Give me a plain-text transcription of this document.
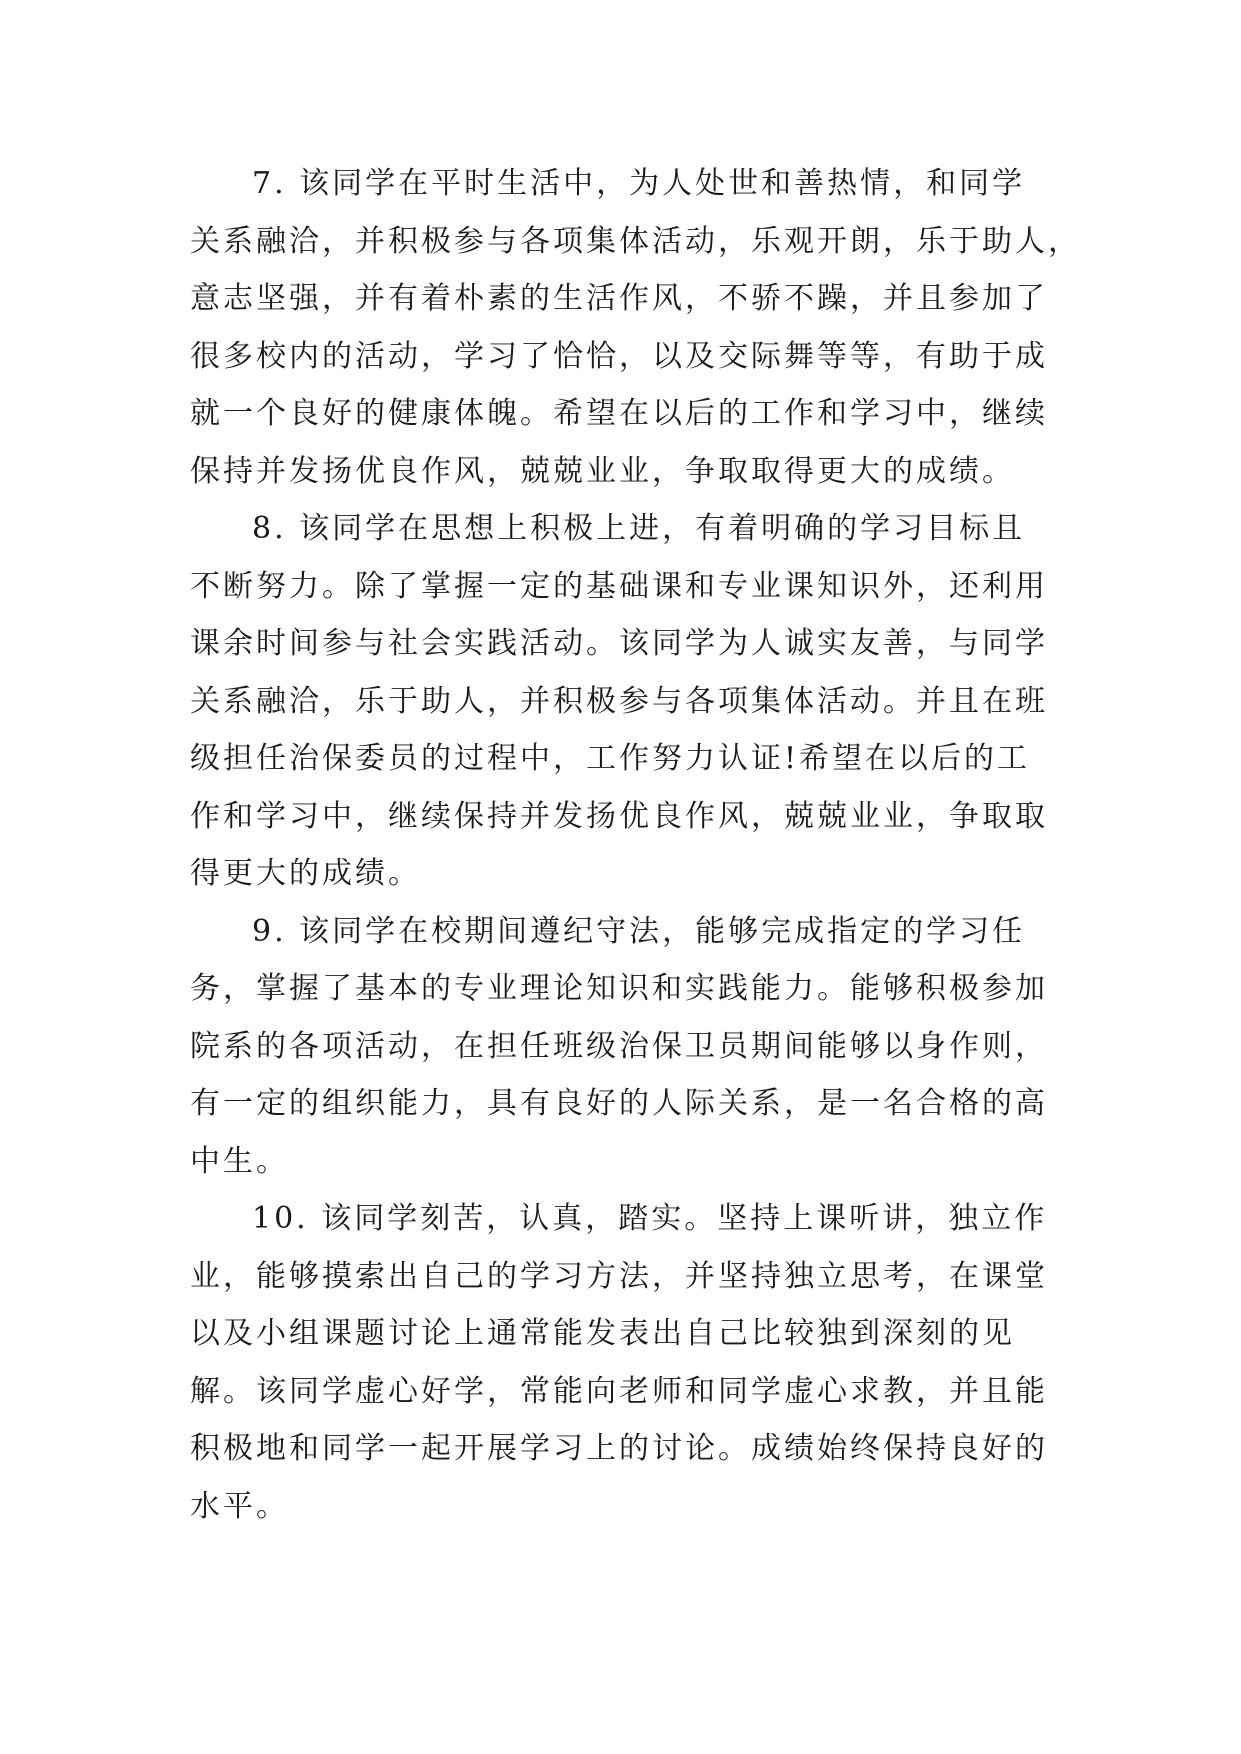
7. 该同学在平时生活中，为人处世和善热情，和同学
关系融洽，并积极参与各项集体活动，乐观开朗，乐于助人，
意志坚强，并有着朴素的生活作风，不骄不躁，并且参加了
很多校内的活动，学习了恰恰，以及交际舞等等，有助于成
就一个良好的健康体魄。希望在以后的工作和学习中，继续
保持并发扬优良作风，兢兢业业，争取取得更大的成绩。
8. 该同学在思想上积极上进，有着明确的学习目标且
不断努力。除了掌握一定的基础课和专业课知识外，还利用
课余时间参与社会实践活动。该同学为人诚实友善，与同学
关系融洽，乐于助人，并积极参与各项集体活动。并且在班
级担任治保委员的过程中，工作努力认证!希望在以后的工
作和学习中，继续保持并发扬优良作风，兢兢业业，争取取
得更大的成绩。
9. 该同学在校期间遵纪守法，能够完成指定的学习任
务，掌握了基本的专业理论知识和实践能力。能够积极参加
院系的各项活动，在担任班级治保卫员期间能够以身作则，
有一定的组织能力，具有良好的人际关系，是一名合格的高
中生。
10. 该同学刻苦，认真，踏实。坚持上课听讲，独立作
业，能够摸索出自己的学习方法，并坚持独立思考，在课堂
以及小组课题讨论上通常能发表出自己比较独到深刻的见
解。该同学虚心好学，常能向老师和同学虚心求教，并且能
积极地和同学一起开展学习上的讨论。成绩始终保持良好的
水平。
